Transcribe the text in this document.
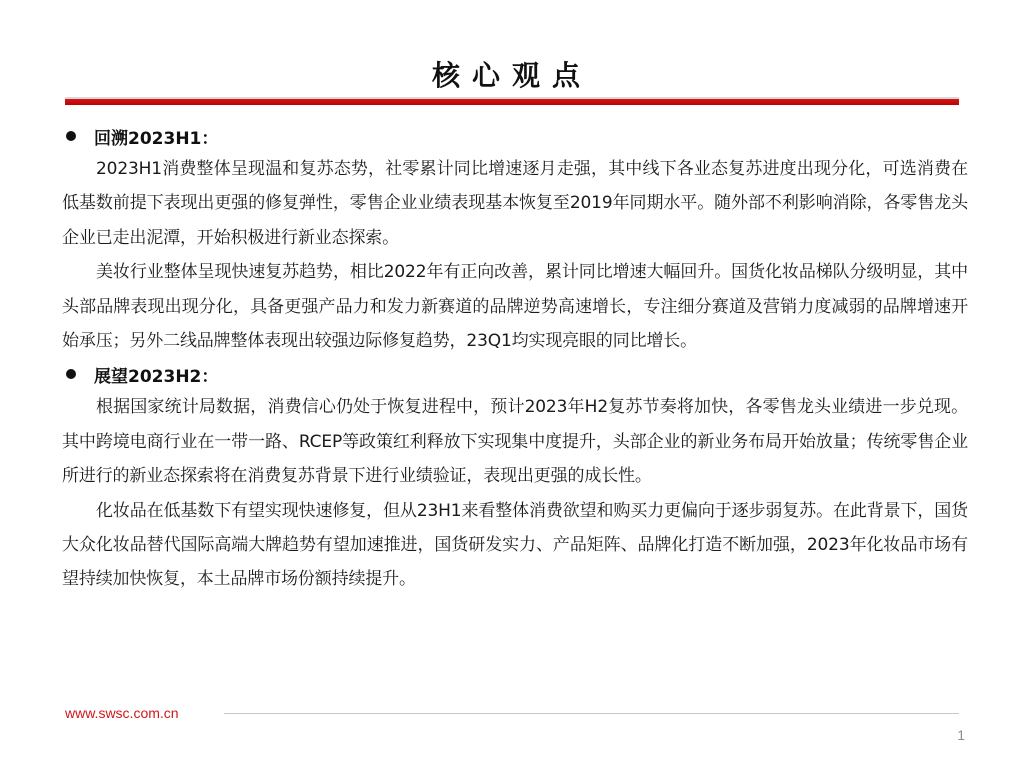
核心观点
回溯2023H1：

2023H1消费整体呈现温和复苏态势，社零累计同比增速逐月走强，其中线下各业态复苏进度出现分化，可选消费在低基数前提下表现出更强的修复弹性，零售企业业绩表现基本恢复至2019年同期水平。随外部不利影响消除，各零售龙头企业已走出泥潭，开始积极进行新业态探索。

美妆行业整体呈现快速复苏趋势，相比2022年有正向改善，累计同比增速大幅回升。国货化妆品梯队分级明显，其中头部品牌表现出现分化，具备更强产品力和发力新赛道的品牌逆势高速增长，专注细分赛道及营销力度减弱的品牌增速开始承压；另外二线品牌整体表现出较强边际修复趋势，23Q1均实现亮眼的同比增长。

展望2023H2：

根据国家统计局数据，消费信心仍处于恢复进程中，预计2023年H2复苏节奏将加快，各零售龙头业绩进一步兑现。其中跨境电商行业在一带一路、RCEP等政策红利释放下实现集中度提升，头部企业的新业务布局开始放量；传统零售企业所进行的新业态探索将在消费复苏背景下进行业绩验证，表现出更强的成长性。

化妆品在低基数下有望实现快速修复，但从23H1来看整体消费欲望和购买力更偏向于逐步弱复苏。在此背景下，国货大众化妆品替代国际高端大牌趋势有望加速推进，国货研发实力、产品矩阵、品牌化打造不断加强，2023年化妆品市场有望持续加快恢复，本土品牌市场份额持续提升。

www.swsc.com.cn
1
